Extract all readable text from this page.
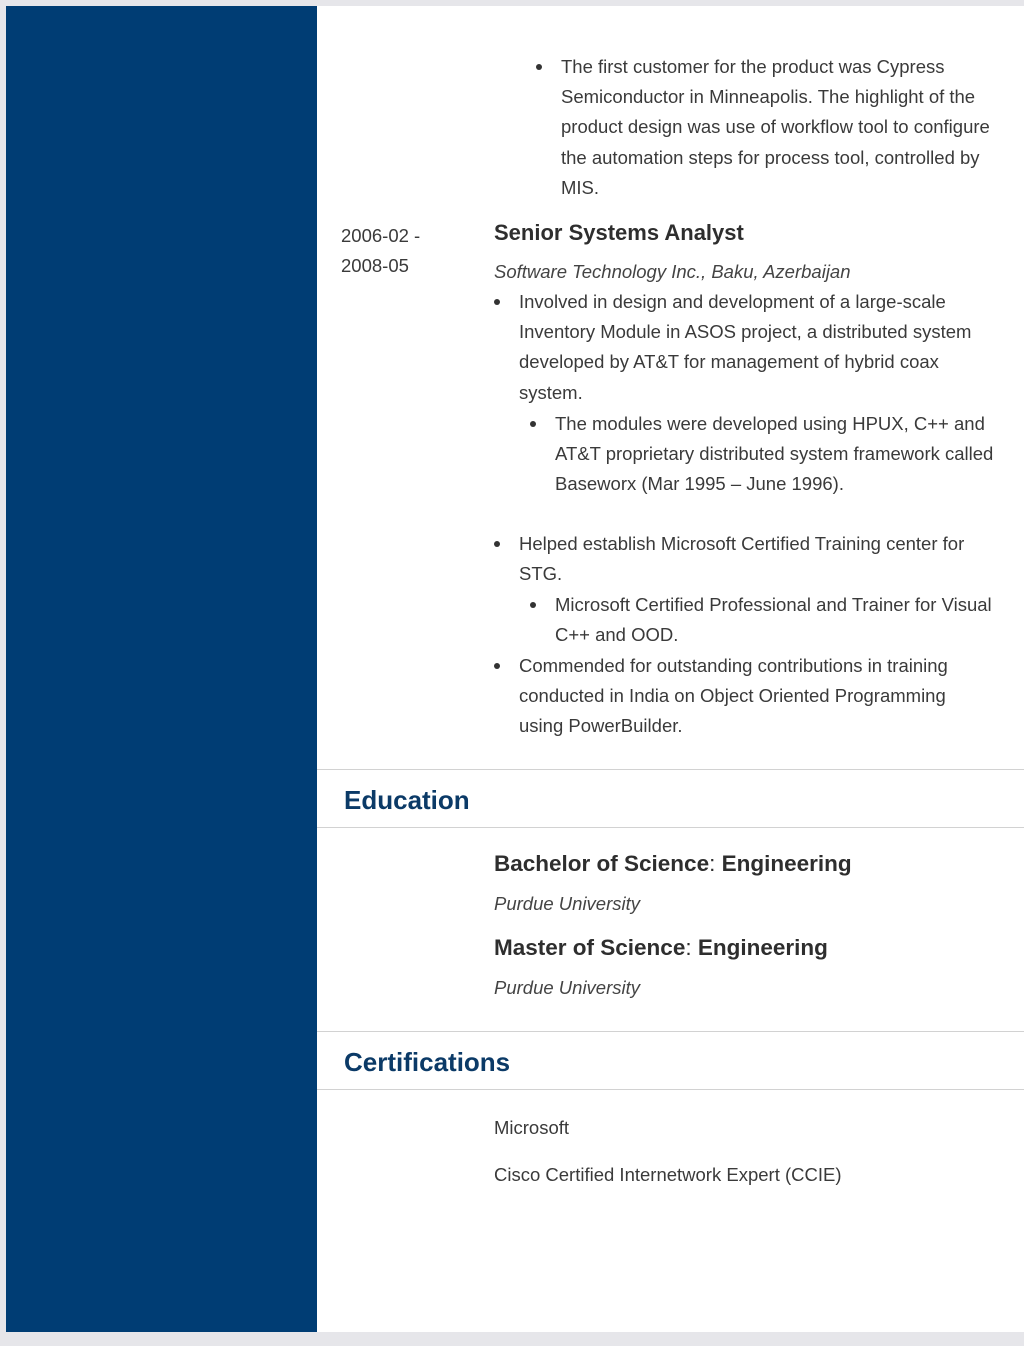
The first customer for the product was Cypress Semiconductor in Minneapolis. The highlight of the product design was use of workflow tool to configure the automation steps for process tool, controlled by MIS.
2006-02 -
2008-05
Senior Systems Analyst
Software Technology Inc., Baku, Azerbaijan
Involved in design and development of a large-scale Inventory Module in ASOS project, a distributed system developed by AT&T for management of hybrid coax system.
The modules were developed using HPUX, C++ and AT&T proprietary distributed system framework called Baseworx (Mar 1995 – June 1996).
Helped establish Microsoft Certified Training center for STG.
Microsoft Certified Professional and Trainer for Visual C++ and OOD.
Commended for outstanding contributions in training conducted in India on Object Oriented Programming using PowerBuilder.
Education
Bachelor of Science: Engineering
Purdue University
Master of Science: Engineering
Purdue University
Certifications
Microsoft
Cisco Certified Internetwork Expert (CCIE)
